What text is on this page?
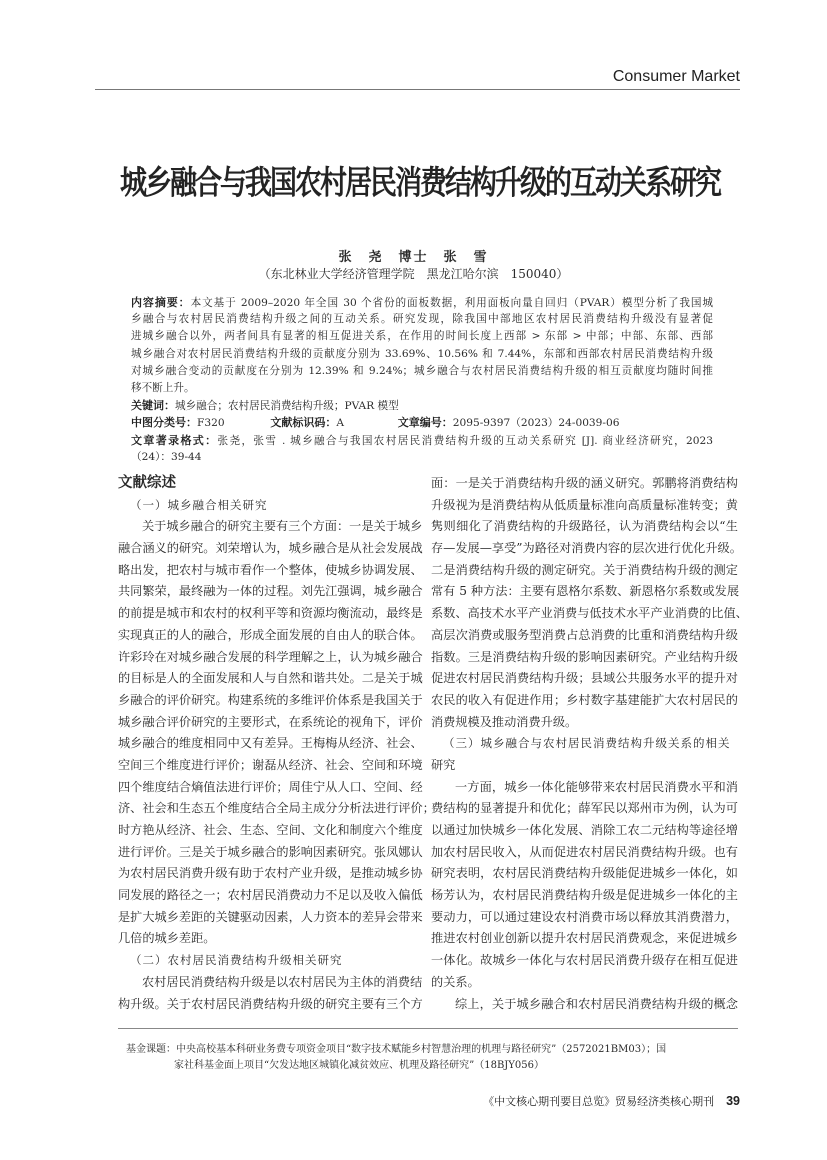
Consumer Market
城乡融合与我国农村居民消费结构升级的互动关系研究
张　尧　博士　张　雪
（东北林业大学经济管理学院　黑龙江哈尔滨　150040）
内容摘要：本文基于 2009–2020 年全国 30 个省份的面板数据，利用面板向量自回归（PVAR）模型分析了我国城
乡融合与农村居民消费结构升级之间的互动关系。研究发现，除我国中部地区农村居民消费结构升级没有显著促
进城乡融合以外，两者间具有显著的相互促进关系，在作用的时间长度上西部 > 东部 > 中部；中部、东部、西部
城乡融合对农村居民消费结构升级的贡献度分别为 33.69%、10.56% 和 7.44%，东部和西部农村居民消费结构升级
对城乡融合变动的贡献度在分别为 12.39% 和 9.24%；城乡融合与农村居民消费结构升级的相互贡献度均随时间推
移不断上升。
关键词：城乡融合；农村居民消费结构升级；PVAR 模型
中图分类号：F320	文献标识码：A	文章编号：2095-9397（2023）24-0039-06
文章著录格式：张尧，张雪 . 城乡融合与我国农村居民消费结构升级的互动关系研究 [J]. 商业经济研究，2023
（24）：39-44
文献综述
（一）城乡融合相关研究
关于城乡融合的研究主要有三个方面：一是关于城乡
融合涵义的研究。刘荣增认为，城乡融合是从社会发展战
略出发，把农村与城市看作一个整体，使城乡协调发展、
共同繁荣，最终融为一体的过程。刘先江强调，城乡融合
的前提是城市和农村的权利平等和资源均衡流动，最终是
实现真正的人的融合，形成全面发展的自由人的联合体。
许彩玲在对城乡融合发展的科学理解之上，认为城乡融合
的目标是人的全面发展和人与自然和谐共处。二是关于城
乡融合的评价研究。构建系统的多维评价体系是我国关于
城乡融合评价研究的主要形式，在系统论的视角下，评价
城乡融合的维度相同中又有差异。王梅梅从经济、社会、
空间三个维度进行评价；谢磊从经济、社会、空间和环境
四个维度结合熵值法进行评价；周佳宁从人口、空间、经
济、社会和生态五个维度结合全局主成分分析法进行评价；
时方艳从经济、社会、生态、空间、文化和制度六个维度
进行评价。三是关于城乡融合的影响因素研究。张凤娜认
为农村居民消费升级有助于农村产业升级，是推动城乡协
同发展的路径之一；农村居民消费动力不足以及收入偏低
是扩大城乡差距的关键驱动因素，人力资本的差异会带来
几倍的城乡差距。
（二）农村居民消费结构升级相关研究
农村居民消费结构升级是以农村居民为主体的消费结
构升级。关于农村居民消费结构升级的研究主要有三个方
面：一是关于消费结构升级的涵义研究。郭鹏将消费结构
升级视为是消费结构从低质量标准向高质量标准转变；黄
隽则细化了消费结构的升级路径，认为消费结构会以“生
存—发展—享受”为路径对消费内容的层次进行优化升级。
二是消费结构升级的测定研究。关于消费结构升级的测定
常有 5 种方法：主要有恩格尔系数、新恩格尔系数或发展
系数、高技术水平产业消费与低技术水平产业消费的比值、
高层次消费或服务型消费占总消费的比重和消费结构升级
指数。三是消费结构升级的影响因素研究。产业结构升级
促进农村居民消费结构升级；县域公共服务水平的提升对
农民的收入有促进作用；乡村数字基建能扩大农村居民的
消费规模及推动消费升级。
（三）城乡融合与农村居民消费结构升级关系的相关
研究
一方面，城乡一体化能够带来农村居民消费水平和消
费结构的显著提升和优化；薛军民以郑州市为例，认为可
以通过加快城乡一体化发展、消除工农二元结构等途径增
加农村居民收入，从而促进农村居民消费结构升级。也有
研究表明，农村居民消费结构升级能促进城乡一体化，如
杨芳认为，农村居民消费结构升级是促进城乡一体化的主
要动力，可以通过建设农村消费市场以释放其消费潜力，
推进农村创业创新以提升农村居民消费观念，来促进城乡
一体化。故城乡一体化与农村居民消费升级存在相互促进
的关系。
综上，关于城乡融合和农村居民消费结构升级的概念
基金课题：中央高校基本科研业务费专项资金项目“数字技术赋能乡村智慧治理的机理与路径研究”（2572021BM03）；国
家社科基金面上项目“欠发达地区城镇化减贫效应、机理及路径研究”（18BJY056）
《中文核心期刊要目总览》贸易经济类核心期刊 39
